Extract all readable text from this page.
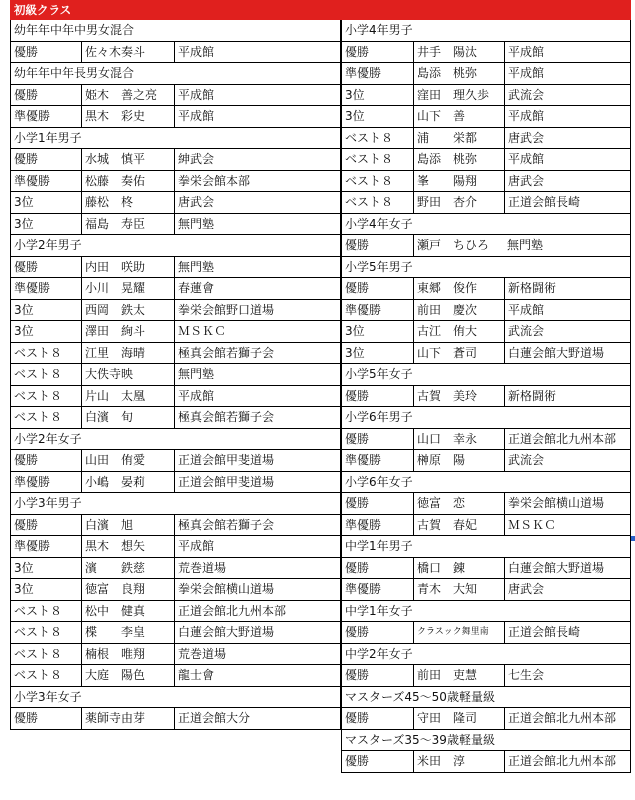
初級クラス
幼年年中年中男女混合
優勝	佐々木奏斗	平成館
幼年年中年長男女混合
優勝	姫木　善之亮	平成館
準優勝	黒木　彩史	平成館
小学1年男子
優勝	水城　慎平	紳武会
準優勝	松藤　奏佑	拳栄会館本部
3位	藤松　柊	唐武会
3位	福島　寿臣	無門塾
小学2年男子
優勝	内田　咲助	無門塾
準優勝	小川　晃耀	春蓮會
3位	西岡　鉄太	拳栄会館野口道場
3位	澤田　絢斗	ＭＳＫＣ
ベスト８	江里　海晴	極真会館若獅子会
ベスト８	大佚寺映	無門塾
ベスト８	片山　太凰	平成館
ベスト８	白濱　旬	極真会館若獅子会
小学2年女子
優勝	山田　侑愛	正道会館甲斐道場
準優勝	小嶋　晏莉	正道会館甲斐道場
小学3年男子
優勝	白濱　旭	極真会館若獅子会
準優勝	黒木　想矢	平成館
3位	濱　　鉄慈	荒巻道場
3位	徳富　良翔	拳栄会館横山道場
ベスト８	松中　健真	正道会館北九州本部
ベスト８	楪　　李皇	白蓮会館大野道場
ベスト８	楠根　唯翔	荒巻道場
ベスト８	大庭　陽色	龍士會
小学3年女子
優勝	薬師寺由芽	正道会館大分
小学4年男子
優勝	井手　陽汰	平成館
準優勝	島添　桃弥	平成館
3位	窪田　理久歩	武流会
3位	山下　善	平成館
ベスト８	浦　　栄都	唐武会
ベスト８	島添　桃弥	平成館
ベスト８	峯　　陽翔	唐武会
ベスト８	野田　杏介	正道会館長崎
小学4年女子
優勝	瀬戸　ちひろ	無門塾
小学5年男子
優勝	東郷　俊作	新格闘術
準優勝	前田　慶次	平成館
3位	古江　侑大	武流会
3位	山下　蒼司	白蓮会館大野道場
小学5年女子
優勝	古賀　美玲	新格闘術
小学6年男子
優勝	山口　幸永	正道会館北九州本部
準優勝	榊原　陽	武流会
小学6年女子
優勝	徳富　恋	拳栄会館横山道場
準優勝	古賀　春妃	ＭＳＫＣ
中学1年男子
優勝	橋口　錬	白蓮会館大野道場
準優勝	青木　大知	唐武会
中学1年女子
優勝	クラスック舞里南	正道会館長崎
中学2年女子
優勝	前田　吏慧	七生会
マスターズ45～50歳軽量級
優勝	守田　隆司	正道会館北九州本部
マスターズ35～39歳軽量級
優勝	米田　淳	正道会館北九州本部
